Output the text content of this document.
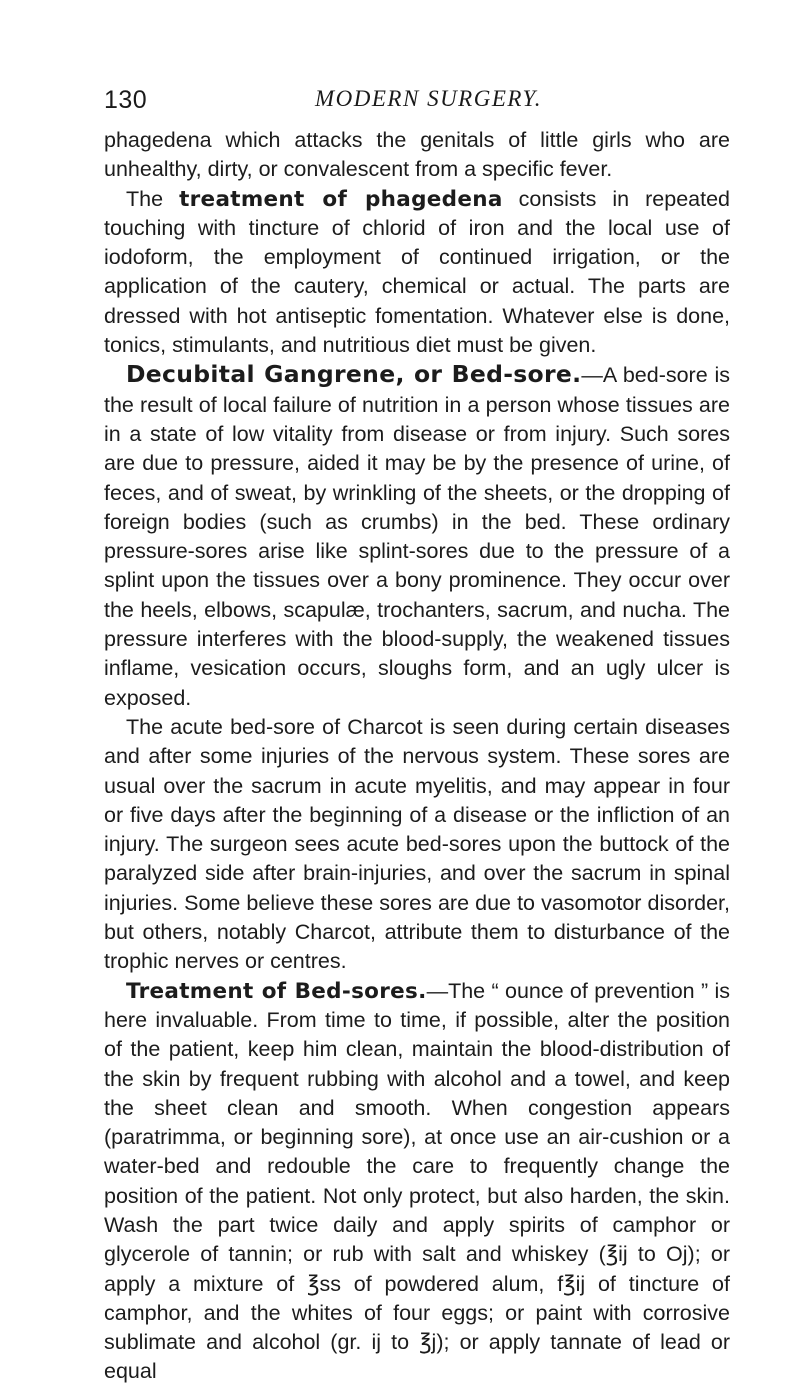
130	MODERN SURGERY.

phagedena which attacks the genitals of little girls who are unhealthy, dirty, or convalescent from a specific fever.

The treatment of phagedena consists in repeated touching with tincture of chlorid of iron and the local use of iodoform, the employment of continued irrigation, or the application of the cautery, chemical or actual. The parts are dressed with hot antiseptic fomentation. Whatever else is done, tonics, stimulants, and nutritious diet must be given.

Decubital Gangrene, or Bed-sore.—A bed-sore is the result of local failure of nutrition in a person whose tissues are in a state of low vitality from disease or from injury. Such sores are due to pressure, aided it may be by the presence of urine, of feces, and of sweat, by wrinkling of the sheets, or the dropping of foreign bodies (such as crumbs) in the bed. These ordinary pressure-sores arise like splint-sores due to the pressure of a splint upon the tissues over a bony prominence. They occur over the heels, elbows, scapulæ, trochanters, sacrum, and nucha. The pressure interferes with the blood-supply, the weakened tissues inflame, vesication occurs, sloughs form, and an ugly ulcer is exposed.

The acute bed-sore of Charcot is seen during certain diseases and after some injuries of the nervous system. These sores are usual over the sacrum in acute myelitis, and may appear in four or five days after the beginning of a disease or the infliction of an injury. The surgeon sees acute bed-sores upon the buttock of the paralyzed side after brain-injuries, and over the sacrum in spinal injuries. Some believe these sores are due to vasomotor disorder, but others, notably Charcot, attribute them to disturbance of the trophic nerves or centres.

Treatment of Bed-sores.—The “ ounce of prevention ” is here invaluable. From time to time, if possible, alter the position of the patient, keep him clean, maintain the blood-distribution of the skin by frequent rubbing with alcohol and a towel, and keep the sheet clean and smooth. When congestion appears (paratrimma, or beginning sore), at once use an air-cushion or a water-bed and redouble the care to frequently change the position of the patient. Not only protect, but also harden, the skin. Wash the part twice daily and apply spirits of camphor or glycerole of tannin; or rub with salt and whiskey (℥ij to Oj); or apply a mixture of ℥ss of powdered alum, f℥ij of tincture of camphor, and the whites of four eggs; or paint with corrosive sublimate and alcohol (gr. ij to ℥j); or apply tannate of lead or equal
